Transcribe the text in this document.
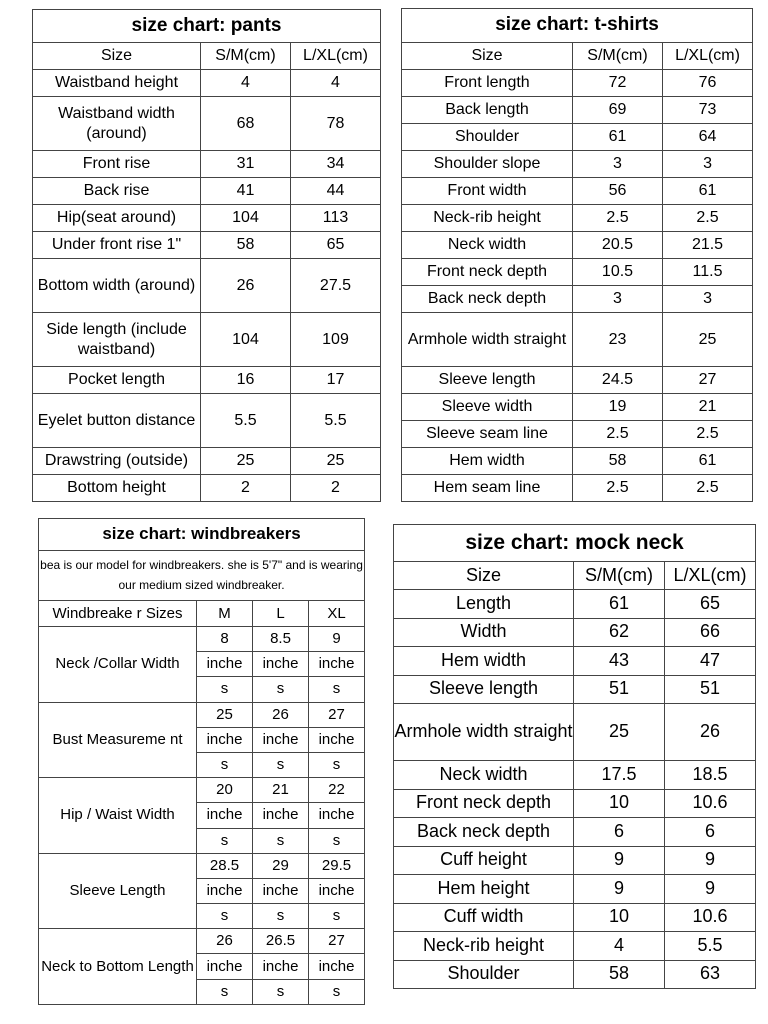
size chart: pants		
Size	S/M(cm)	L/XL(cm)
Waistband height	4	4
Waistband width (around)	68	78
Front rise	31	34
Back rise	41	44
Hip(seat around)	104	113
Under front rise 1"	58	65
Bottom width (around)	26	27.5
Side length (include waistband)	104	109
Pocket length	16	17
Eyelet button distance	5.5	5.5
Drawstring (outside)	25	25
Bottom height	2	2
size chart: t-shirts		
Size	S/M(cm)	L/XL(cm)
Front length	72	76
Back length	69	73
Shoulder	61	64
Shoulder slope	3	3
Front width	56	61
Neck-rib height	2.5	2.5
Neck width	20.5	21.5
Front neck depth	10.5	11.5
Back neck depth	3	3
Armhole width straight	23	25
Sleeve length	24.5	27
Sleeve width	19	21
Sleeve seam line	2.5	2.5
Hem width	58	61
Hem seam line	2.5	2.5
size chart: windbreakers			
bea is our model for windbreakers. she is 5'7" and is wearing our medium sized windbreaker.			
Windbreake r Sizes	M	L	XL
Neck /Collar Width	8	8.5	9
	inche	inche	inche
	s	s	s
Bust Measureme nt	25	26	27
	inche	inche	inche
	s	s	s
Hip / Waist Width	20	21	22
	inche	inche	inche
	s	s	s
Sleeve Length	28.5	29	29.5
	inche	inche	inche
	s	s	s
Neck to Bottom Length	26	26.5	27
	inche	inche	inche
	s	s	s
size chart: mock neck		
Size	S/M(cm)	L/XL(cm)
Length	61	65
Width	62	66
Hem width	43	47
Sleeve length	51	51
Armhole width straight	25	26
Neck width	17.5	18.5
Front neck depth	10	10.6
Back neck depth	6	6
Cuff height	9	9
Hem height	9	9
Cuff width	10	10.6
Neck-rib height	4	5.5
Shoulder	58	63
